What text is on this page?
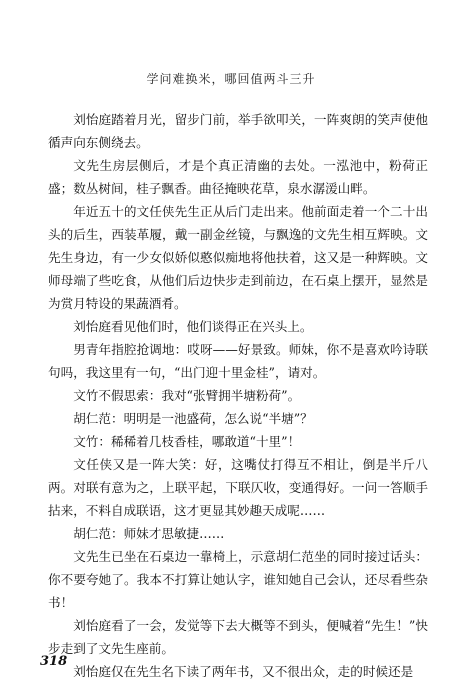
学问难换米，哪回值两斗三升

刘怡庭踏着月光，留步门前，举手欲叩关，一阵爽朗的笑声使他循声向东侧绕去。

文先生房层侧后，才是个真正清幽的去处。一泓池中，粉荷正盛；数丛树间，桂子飘香。曲径掩映花草，泉水潺湲山畔。

年近五十的文任侠先生正从后门走出来。他前面走着一个二十出头的后生，西装革履，戴一副金丝镜，与飘逸的文先生相互辉映。文先生身边，有一少女似娇似憨似痴地将他扶着，这又是一种辉映。文师母端了些吃食，从他们后边快步走到前边，在石桌上摆开，显然是为赏月特设的果蔬酒肴。

刘怡庭看见他们时，他们谈得正在兴头上。

男青年指腔抢调地：哎呀——好景致。师妹，你不是喜欢吟诗联句吗，我这里有一句，“出门迎十里金桂”，请对。

文竹不假思索：我对“张臂拥半塘粉荷”。

胡仁范：明明是一池盛荷，怎么说“半塘”？

文竹：稀稀着几枝香桂，哪敢道“十里”！

文任侠又是一阵大笑：好，这嘴仗打得互不相让，倒是半斤八两。对联有意为之，上联平起，下联仄收，变通得好。一问一答顺手拈来，不料自成联语，这才更显其妙趣天成呢……

胡仁范：师妹才思敏捷……

文先生已坐在石桌边一靠椅上，示意胡仁范坐的同时接过话头：你不要夸她了。我本不打算让她认字，谁知她自己会认，还尽看些杂书！

刘怡庭看了一会，发觉等下去大概等不到头，便喊着“先生！”快步走到了文先生座前。

刘怡庭仅在先生名下读了两年书，又不很出众，走的时候还是

318
